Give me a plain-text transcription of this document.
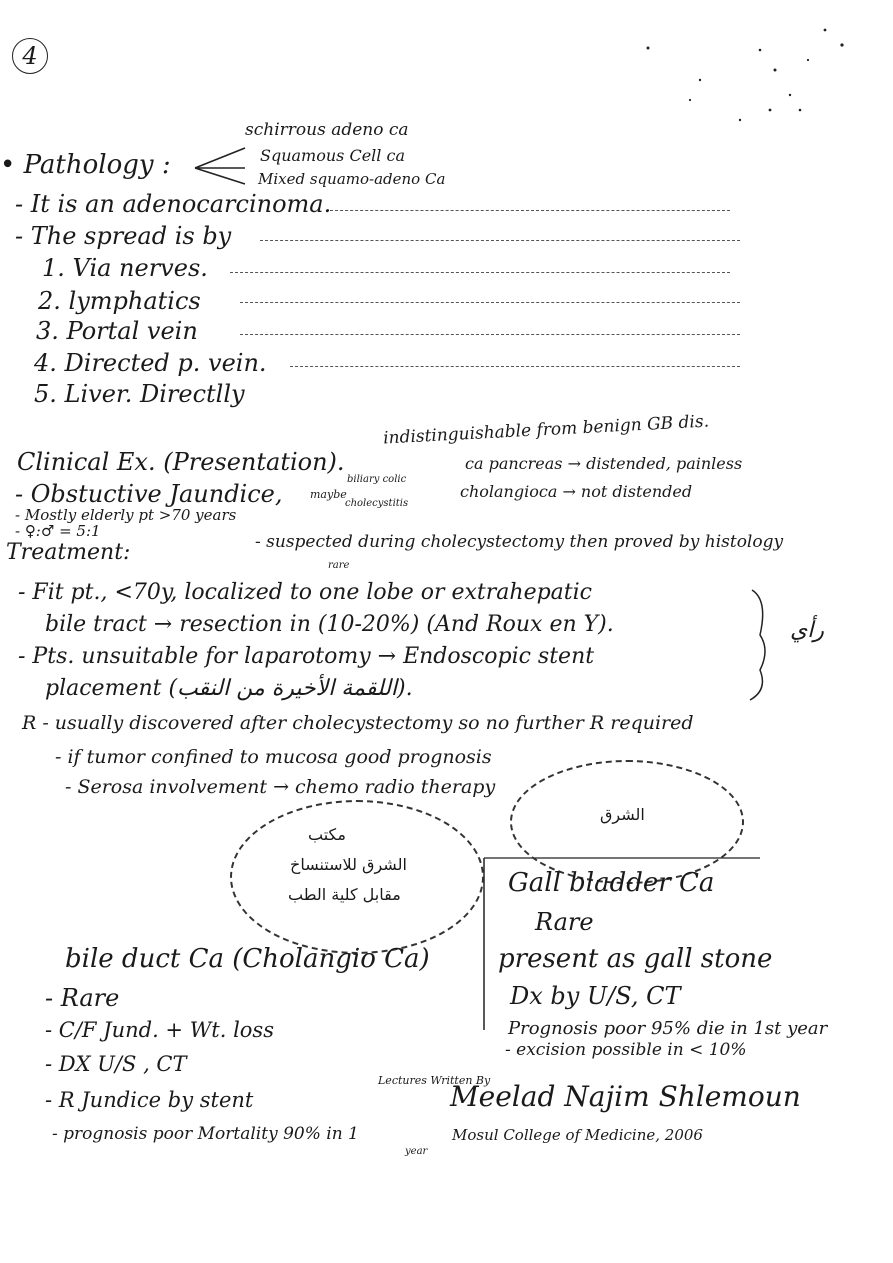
4
• Pathology :
schirrous adeno ca
Squamous Cell ca
Mixed squamo-adeno Ca
- It is an adenocarcinoma.
- The spread is by
1. Via nerves.
2. lymphatics
3. Portal vein
4. Directed p. vein.
5. Liver. Directlly
Clinical Ex. (Presentation).
indistinguishable from benign GB dis.
- Obstuctive Jaundice, maybe
biliary colic
cholecystitis
ca pancreas → distended, painless
cholangioca → not distended
- Mostly elderly pt >70 years
- ♀:♂ = 5:1
Treatment:	- suspected during cholecystectomy then proved by histology
rare
- Fit pt., <70y, localized to one lobe or extrahepatic
bile tract → resection in (10-20%) (And Roux en Y).
- Pts. unsuitable for laparotomy → Endoscopic stent
placement (اللقمة الأخيرة من النقب).
رأي
R - usually discovered after cholecystectomy so no further R required
- if tumor confined to mucosa good prognosis
- Serosa involvement → chemo radio therapy
مكتب
الشرق للاستنساخ
مقابل كلية الطب
الشرق
Gall bladder Ca
Rare
present as gall stone
Dx by U/S, CT
Prognosis poor 95% die in 1st year
- excision possible in < 10%
bile duct Ca (Cholangio Ca)
- Rare
- C/F Jund. + Wt. loss
- DX U/S , CT
- R Jundice by stent
- prognosis poor Mortality 90% in 1
year
Lectures Written By
Meelad Najim Shlemoun
Mosul College of Medicine, 2006
